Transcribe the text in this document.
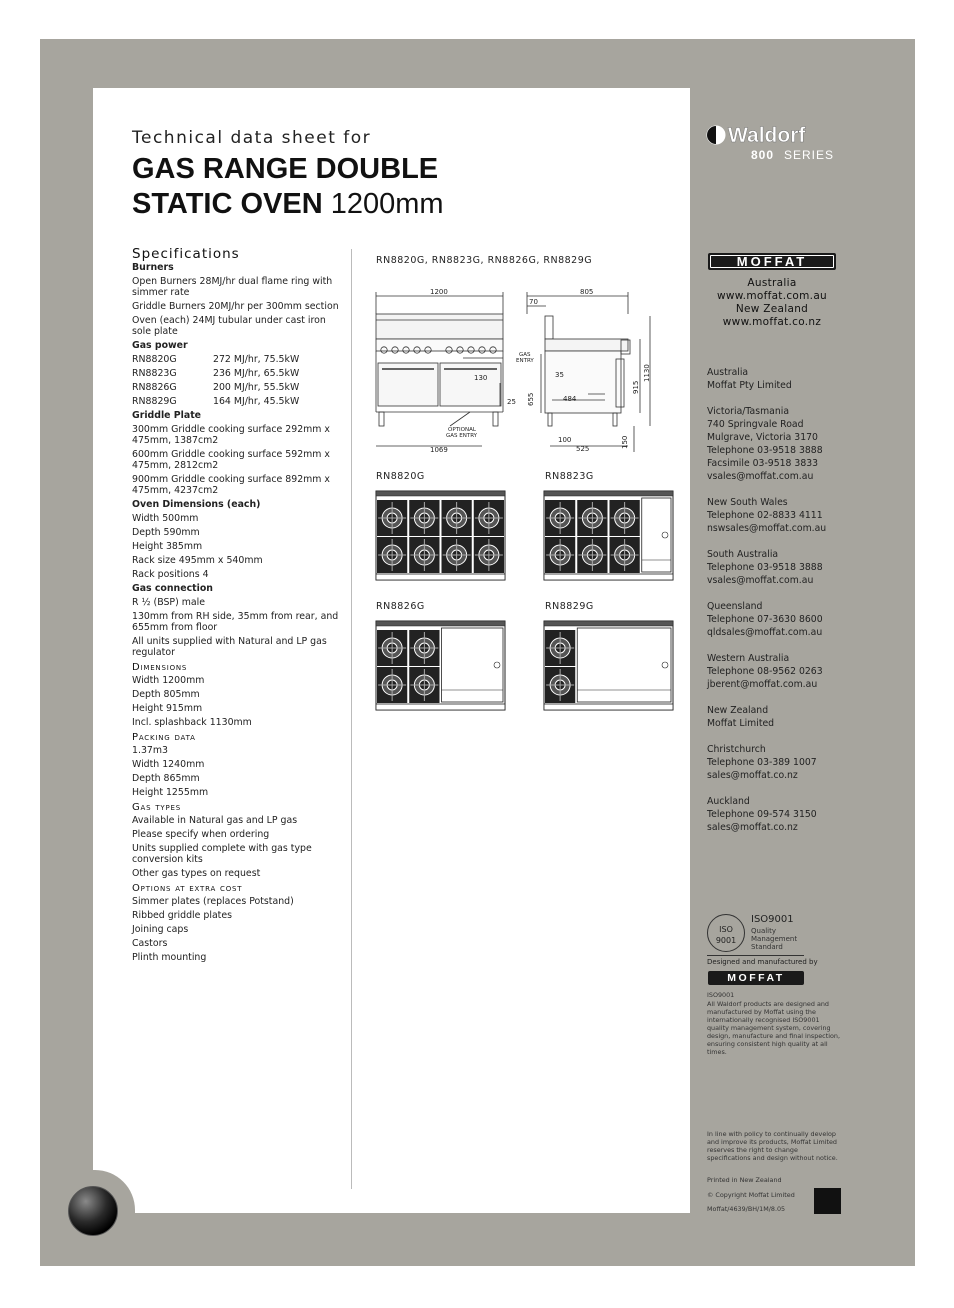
Technical data sheet for
GAS RANGE DOUBLE
STATIC OVEN 1200mm
Specifications
Burners
Open Burners 28MJ/hr dual flame ring with simmer rate
Griddle Burners 20MJ/hr per 300mm section
Oven (each) 24MJ tubular under cast iron sole plate
Gas power
RN8820G	272 MJ/hr, 75.5kW
RN8823G	236 MJ/hr, 65.5kW
RN8826G	200 MJ/hr, 55.5kW
RN8829G	164 MJ/hr, 45.5kW
Griddle Plate
300mm Griddle cooking surface 292mm x 475mm, 1387cm2
600mm Griddle cooking surface 592mm x 475mm, 2812cm2
900mm Griddle cooking surface 892mm x 475mm, 4237cm2
Oven Dimensions (each)
Width 500mm
Depth 590mm
Height 385mm
Rack size 495mm x 540mm
Rack positions 4
Gas connection
R ½ (BSP) male
130mm from RH side, 35mm from rear, and 655mm from floor
All units supplied with Natural and LP gas regulator
Dimensions
Width 1200mm
Depth 805mm
Height 915mm
Incl. splashback 1130mm
Packing data
1.37m3
Width 1240mm
Depth 865mm
Height 1255mm
Gas types
Available in Natural gas and LP gas
Please specify when ordering
Units supplied complete with gas type conversion kits
Other gas types on request
Options at extra cost
Simmer plates (replaces Potstand)
Ribbed griddle plates
Joining caps
Castors
Plinth mounting
RN8820G, RN8823G, RN8826G, RN8829G
1200
130
25
1069
OPTIONAL
GAS ENTRY
805
70
GAS
ENTRY
35
655	484
915
1130
100
525	150
RN8820G	RN8823G
RN8826G	RN8829G
Waldorf
800 SERIES
MOFFAT
Australia
www.moffat.com.au
New Zealand
www.moffat.co.nz
Australia
Moffat Pty Limited
Victoria/Tasmania
740 Springvale Road
Mulgrave, Victoria 3170
Telephone 03-9518 3888
Facsimile 03-9518 3833
vsales@moffat.com.au
New South Wales
Telephone 02-8833 4111
nswsales@moffat.com.au
South Australia
Telephone 03-9518 3888
vsales@moffat.com.au
Queensland
Telephone 07-3630 8600
qldsales@moffat.com.au
Western Australia
Telephone 08-9562 0263
jberent@moffat.com.au
New Zealand
Moffat Limited
Christchurch
Telephone 03-389 1007
sales@moffat.co.nz
Auckland
Telephone 09-574 3150
sales@moffat.co.nz
ISO 9001
ISO9001
Quality
Management
Standard
Designed and manufactured by
MOFFAT
ISO9001
All Waldorf products are designed and manufactured by Moffat using the internationally recognised ISO9001 quality management system, covering design, manufacture and final inspection, ensuring consistent high quality at all times.
In line with policy to continually develop and improve its products, Moffat Limited reserves the right to change specifications and design without notice.
Printed in New Zealand
© Copyright Moffat Limited
Moffat/4639/BH/1M/8.05
